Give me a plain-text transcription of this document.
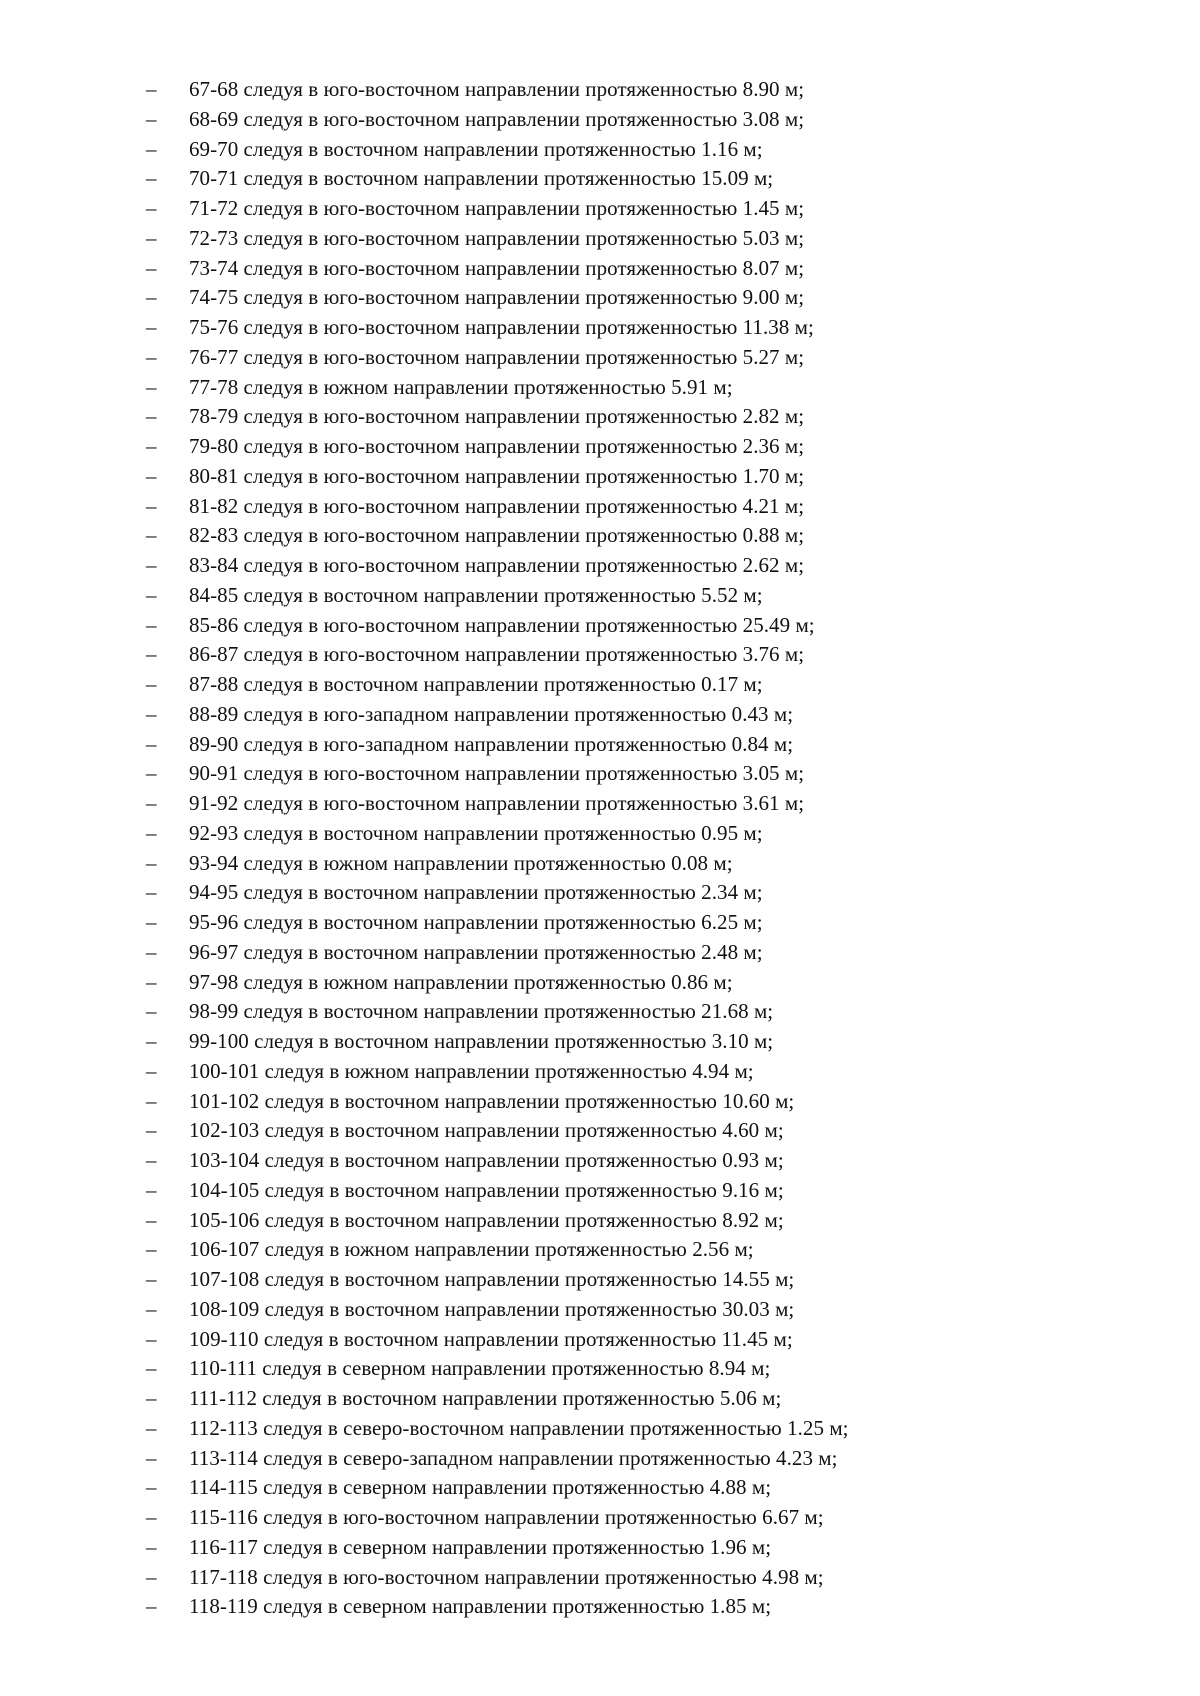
– 67-68 следуя в юго-восточном направлении протяженностью 8.90 м;
– 68-69 следуя в юго-восточном направлении протяженностью 3.08 м;
– 69-70 следуя в восточном направлении протяженностью 1.16 м;
– 70-71 следуя в восточном направлении протяженностью 15.09 м;
– 71-72 следуя в юго-восточном направлении протяженностью 1.45 м;
– 72-73 следуя в юго-восточном направлении протяженностью 5.03 м;
– 73-74 следуя в юго-восточном направлении протяженностью 8.07 м;
– 74-75 следуя в юго-восточном направлении протяженностью 9.00 м;
– 75-76 следуя в юго-восточном направлении протяженностью 11.38 м;
– 76-77 следуя в юго-восточном направлении протяженностью 5.27 м;
– 77-78 следуя в южном направлении протяженностью 5.91 м;
– 78-79 следуя в юго-восточном направлении протяженностью 2.82 м;
– 79-80 следуя в юго-восточном направлении протяженностью 2.36 м;
– 80-81 следуя в юго-восточном направлении протяженностью 1.70 м;
– 81-82 следуя в юго-восточном направлении протяженностью 4.21 м;
– 82-83 следуя в юго-восточном направлении протяженностью 0.88 м;
– 83-84 следуя в юго-восточном направлении протяженностью 2.62 м;
– 84-85 следуя в восточном направлении протяженностью 5.52 м;
– 85-86 следуя в юго-восточном направлении протяженностью 25.49 м;
– 86-87 следуя в юго-восточном направлении протяженностью 3.76 м;
– 87-88 следуя в восточном направлении протяженностью 0.17 м;
– 88-89 следуя в юго-западном направлении протяженностью 0.43 м;
– 89-90 следуя в юго-западном направлении протяженностью 0.84 м;
– 90-91 следуя в юго-восточном направлении протяженностью 3.05 м;
– 91-92 следуя в юго-восточном направлении протяженностью 3.61 м;
– 92-93 следуя в восточном направлении протяженностью 0.95 м;
– 93-94 следуя в южном направлении протяженностью 0.08 м;
– 94-95 следуя в восточном направлении протяженностью 2.34 м;
– 95-96 следуя в восточном направлении протяженностью 6.25 м;
– 96-97 следуя в восточном направлении протяженностью 2.48 м;
– 97-98 следуя в южном направлении протяженностью 0.86 м;
– 98-99 следуя в восточном направлении протяженностью 21.68 м;
– 99-100 следуя в восточном направлении протяженностью 3.10 м;
– 100-101 следуя в южном направлении протяженностью 4.94 м;
– 101-102 следуя в восточном направлении протяженностью 10.60 м;
– 102-103 следуя в восточном направлении протяженностью 4.60 м;
– 103-104 следуя в восточном направлении протяженностью 0.93 м;
– 104-105 следуя в восточном направлении протяженностью 9.16 м;
– 105-106 следуя в восточном направлении протяженностью 8.92 м;
– 106-107 следуя в южном направлении протяженностью 2.56 м;
– 107-108 следуя в восточном направлении протяженностью 14.55 м;
– 108-109 следуя в восточном направлении протяженностью 30.03 м;
– 109-110 следуя в восточном направлении протяженностью 11.45 м;
– 110-111 следуя в северном направлении протяженностью 8.94 м;
– 111-112 следуя в восточном направлении протяженностью 5.06 м;
– 112-113 следуя в северо-восточном направлении протяженностью 1.25 м;
– 113-114 следуя в северо-западном направлении протяженностью 4.23 м;
– 114-115 следуя в северном направлении протяженностью 4.88 м;
– 115-116 следуя в юго-восточном направлении протяженностью 6.67 м;
– 116-117 следуя в северном направлении протяженностью 1.96 м;
– 117-118 следуя в юго-восточном направлении протяженностью 4.98 м;
– 118-119 следуя в северном направлении протяженностью 1.85 м;
